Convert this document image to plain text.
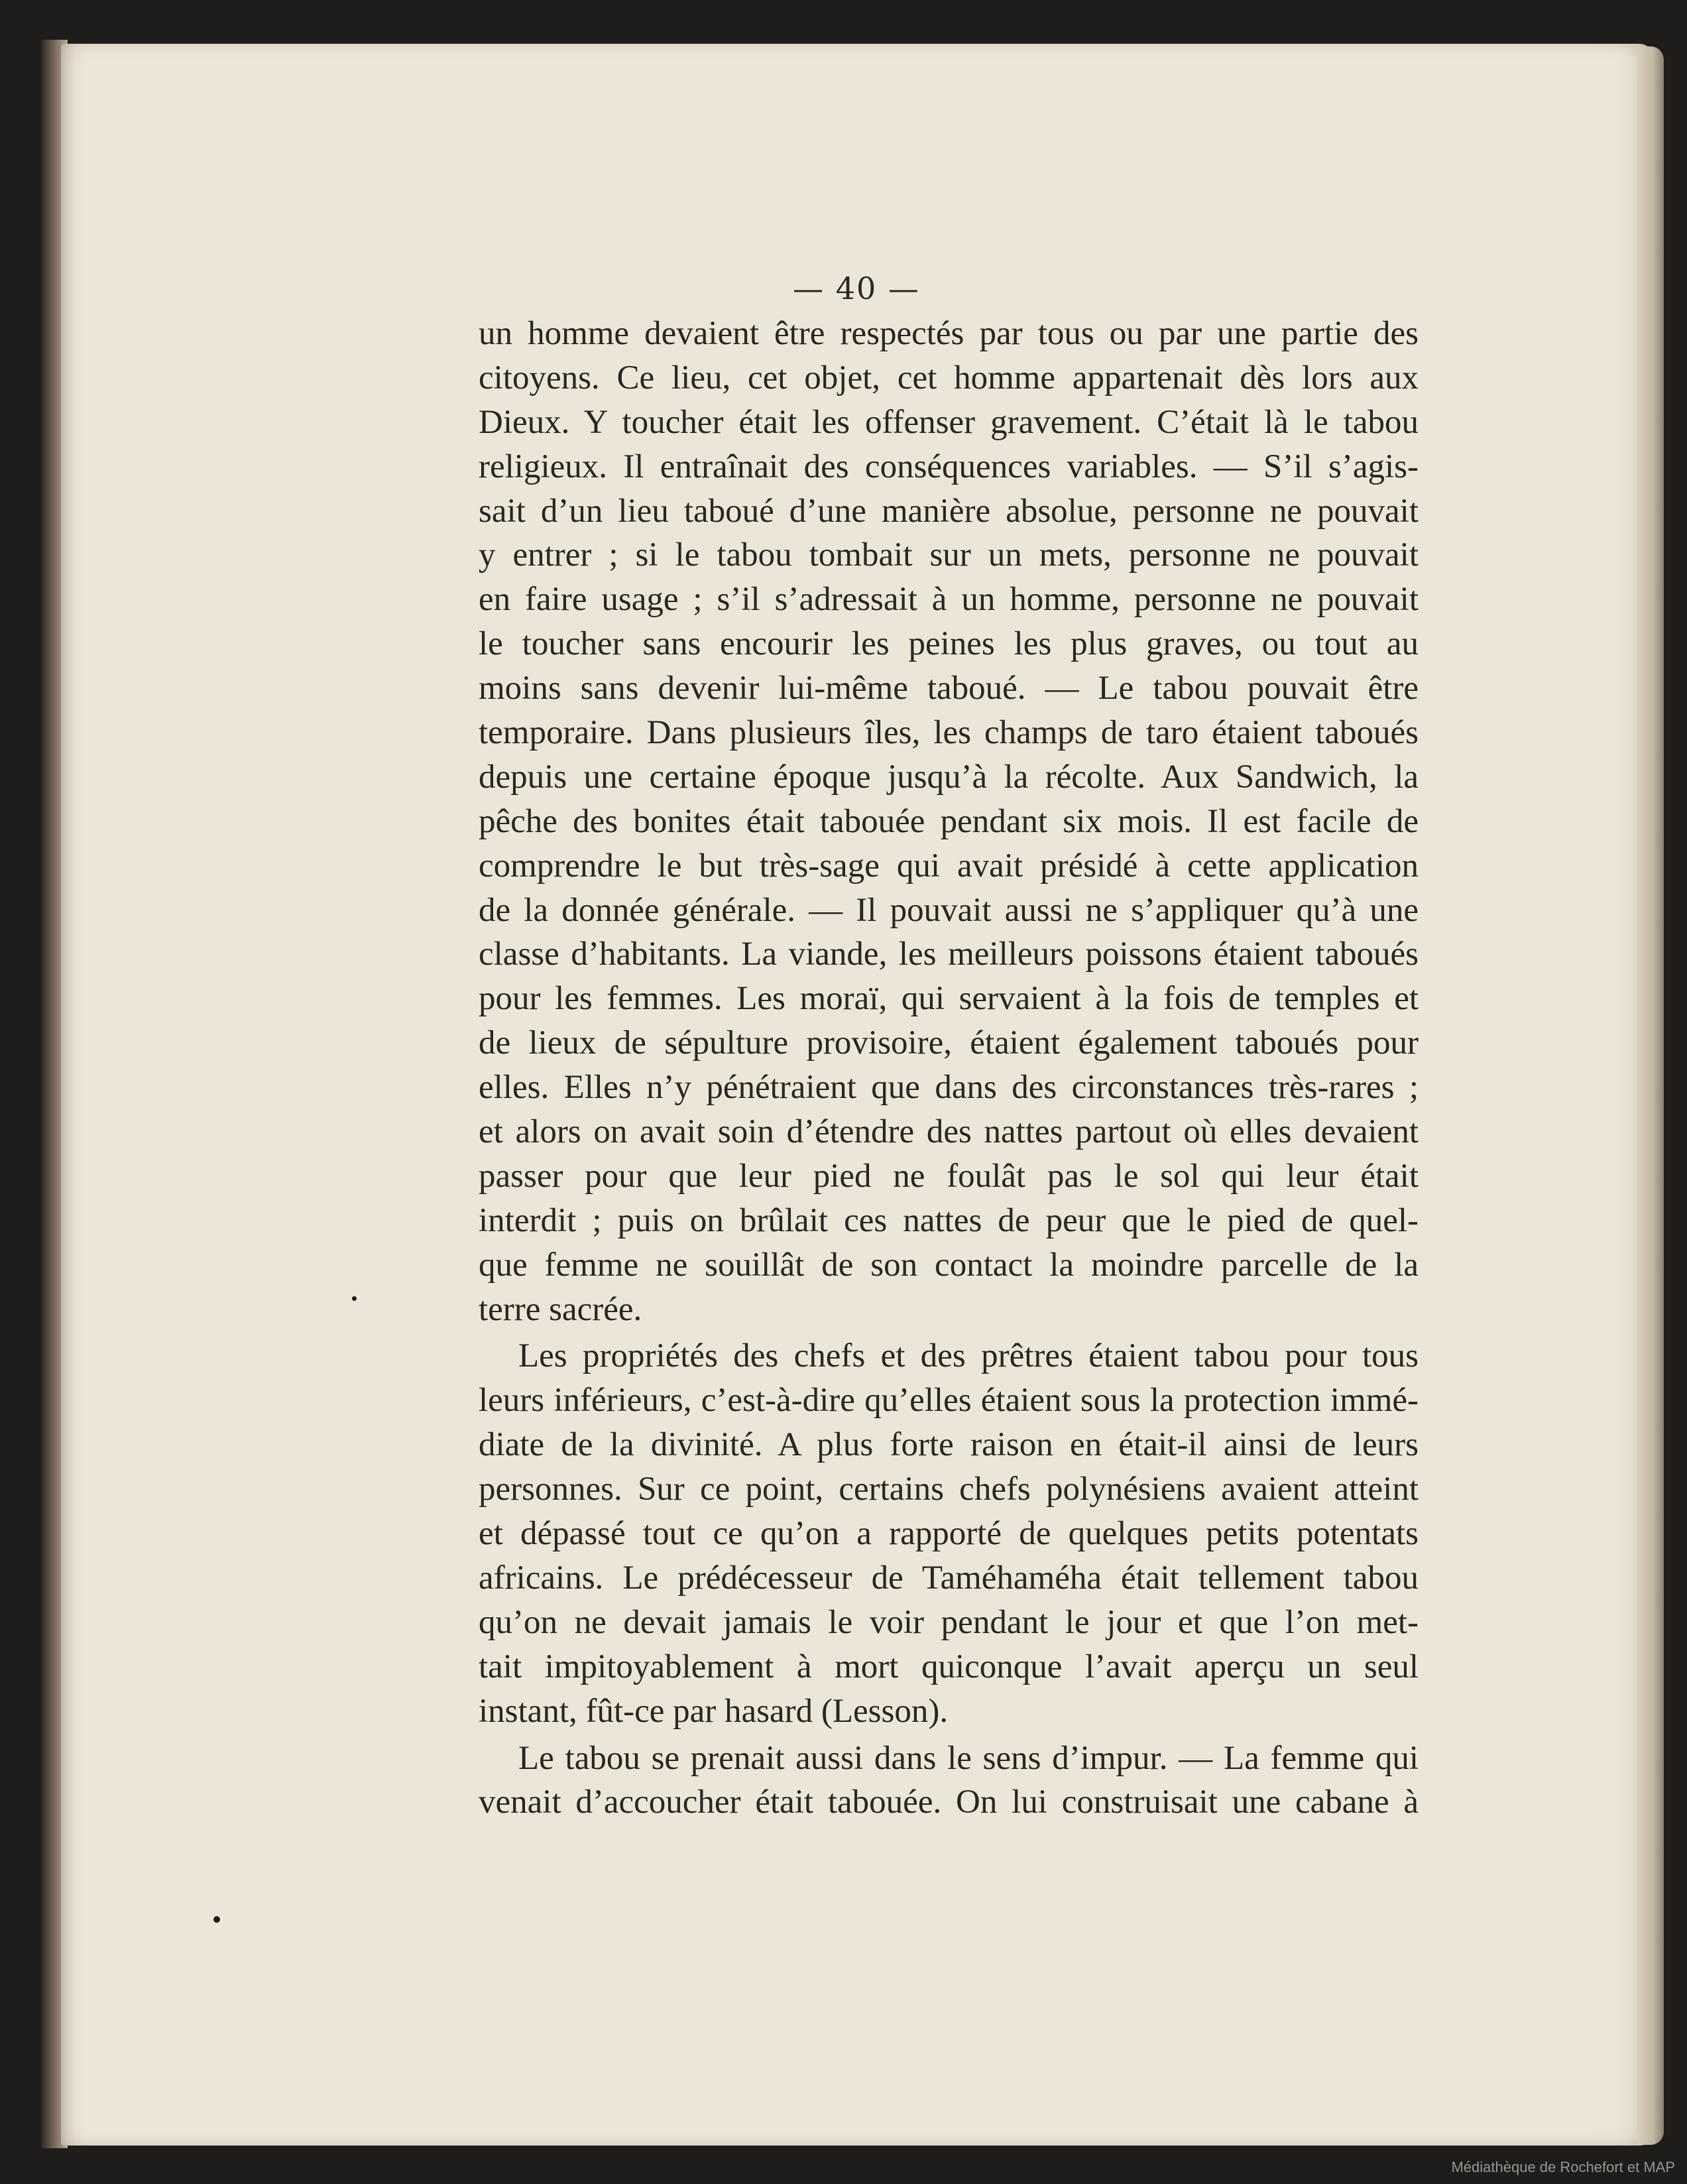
— 40 —
un homme devaient être respectés par tous ou par une partie des
citoyens. Ce lieu, cet objet, cet homme appartenait dès lors aux
Dieux. Y toucher était les offenser gravement. C’était là le tabou
religieux. Il entraînait des conséquences variables. — S’il s’agis-
sait d’un lieu taboué d’une manière absolue, personne ne pouvait
y entrer ; si le tabou tombait sur un mets, personne ne pouvait
en faire usage ; s’il s’adressait à un homme, personne ne pouvait
le toucher sans encourir les peines les plus graves, ou tout au
moins sans devenir lui-même taboué. — Le tabou pouvait être
temporaire. Dans plusieurs îles, les champs de taro étaient taboués
depuis une certaine époque jusqu’à la récolte. Aux Sandwich, la
pêche des bonites était tabouée pendant six mois. Il est facile de
comprendre le but très-sage qui avait présidé à cette application
de la donnée générale. — Il pouvait aussi ne s’appliquer qu’à une
classe d’habitants. La viande, les meilleurs poissons étaient taboués
pour les femmes. Les moraï, qui servaient à la fois de temples et
de lieux de sépulture provisoire, étaient également taboués pour
elles. Elles n’y pénétraient que dans des circonstances très-rares ;
et alors on avait soin d’étendre des nattes partout où elles devaient
passer pour que leur pied ne foulât pas le sol qui leur était
interdit ; puis on brûlait ces nattes de peur que le pied de quel-
que femme ne souillât de son contact la moindre parcelle de la
terre sacrée.
Les propriétés des chefs et des prêtres étaient tabou pour tous
leurs inférieurs, c’est-à-dire qu’elles étaient sous la protection immé-
diate de la divinité. A plus forte raison en était-il ainsi de leurs
personnes. Sur ce point, certains chefs polynésiens avaient atteint
et dépassé tout ce qu’on a rapporté de quelques petits potentats
africains. Le prédécesseur de Taméhaméha était tellement tabou
qu’on ne devait jamais le voir pendant le jour et que l’on met-
tait impitoyablement à mort quiconque l’avait aperçu un seul
instant, fût-ce par hasard (Lesson).
Le tabou se prenait aussi dans le sens d’impur. — La femme qui
venait d’accoucher était tabouée. On lui construisait une cabane à
Médiathèque de Rochefort et MAP
